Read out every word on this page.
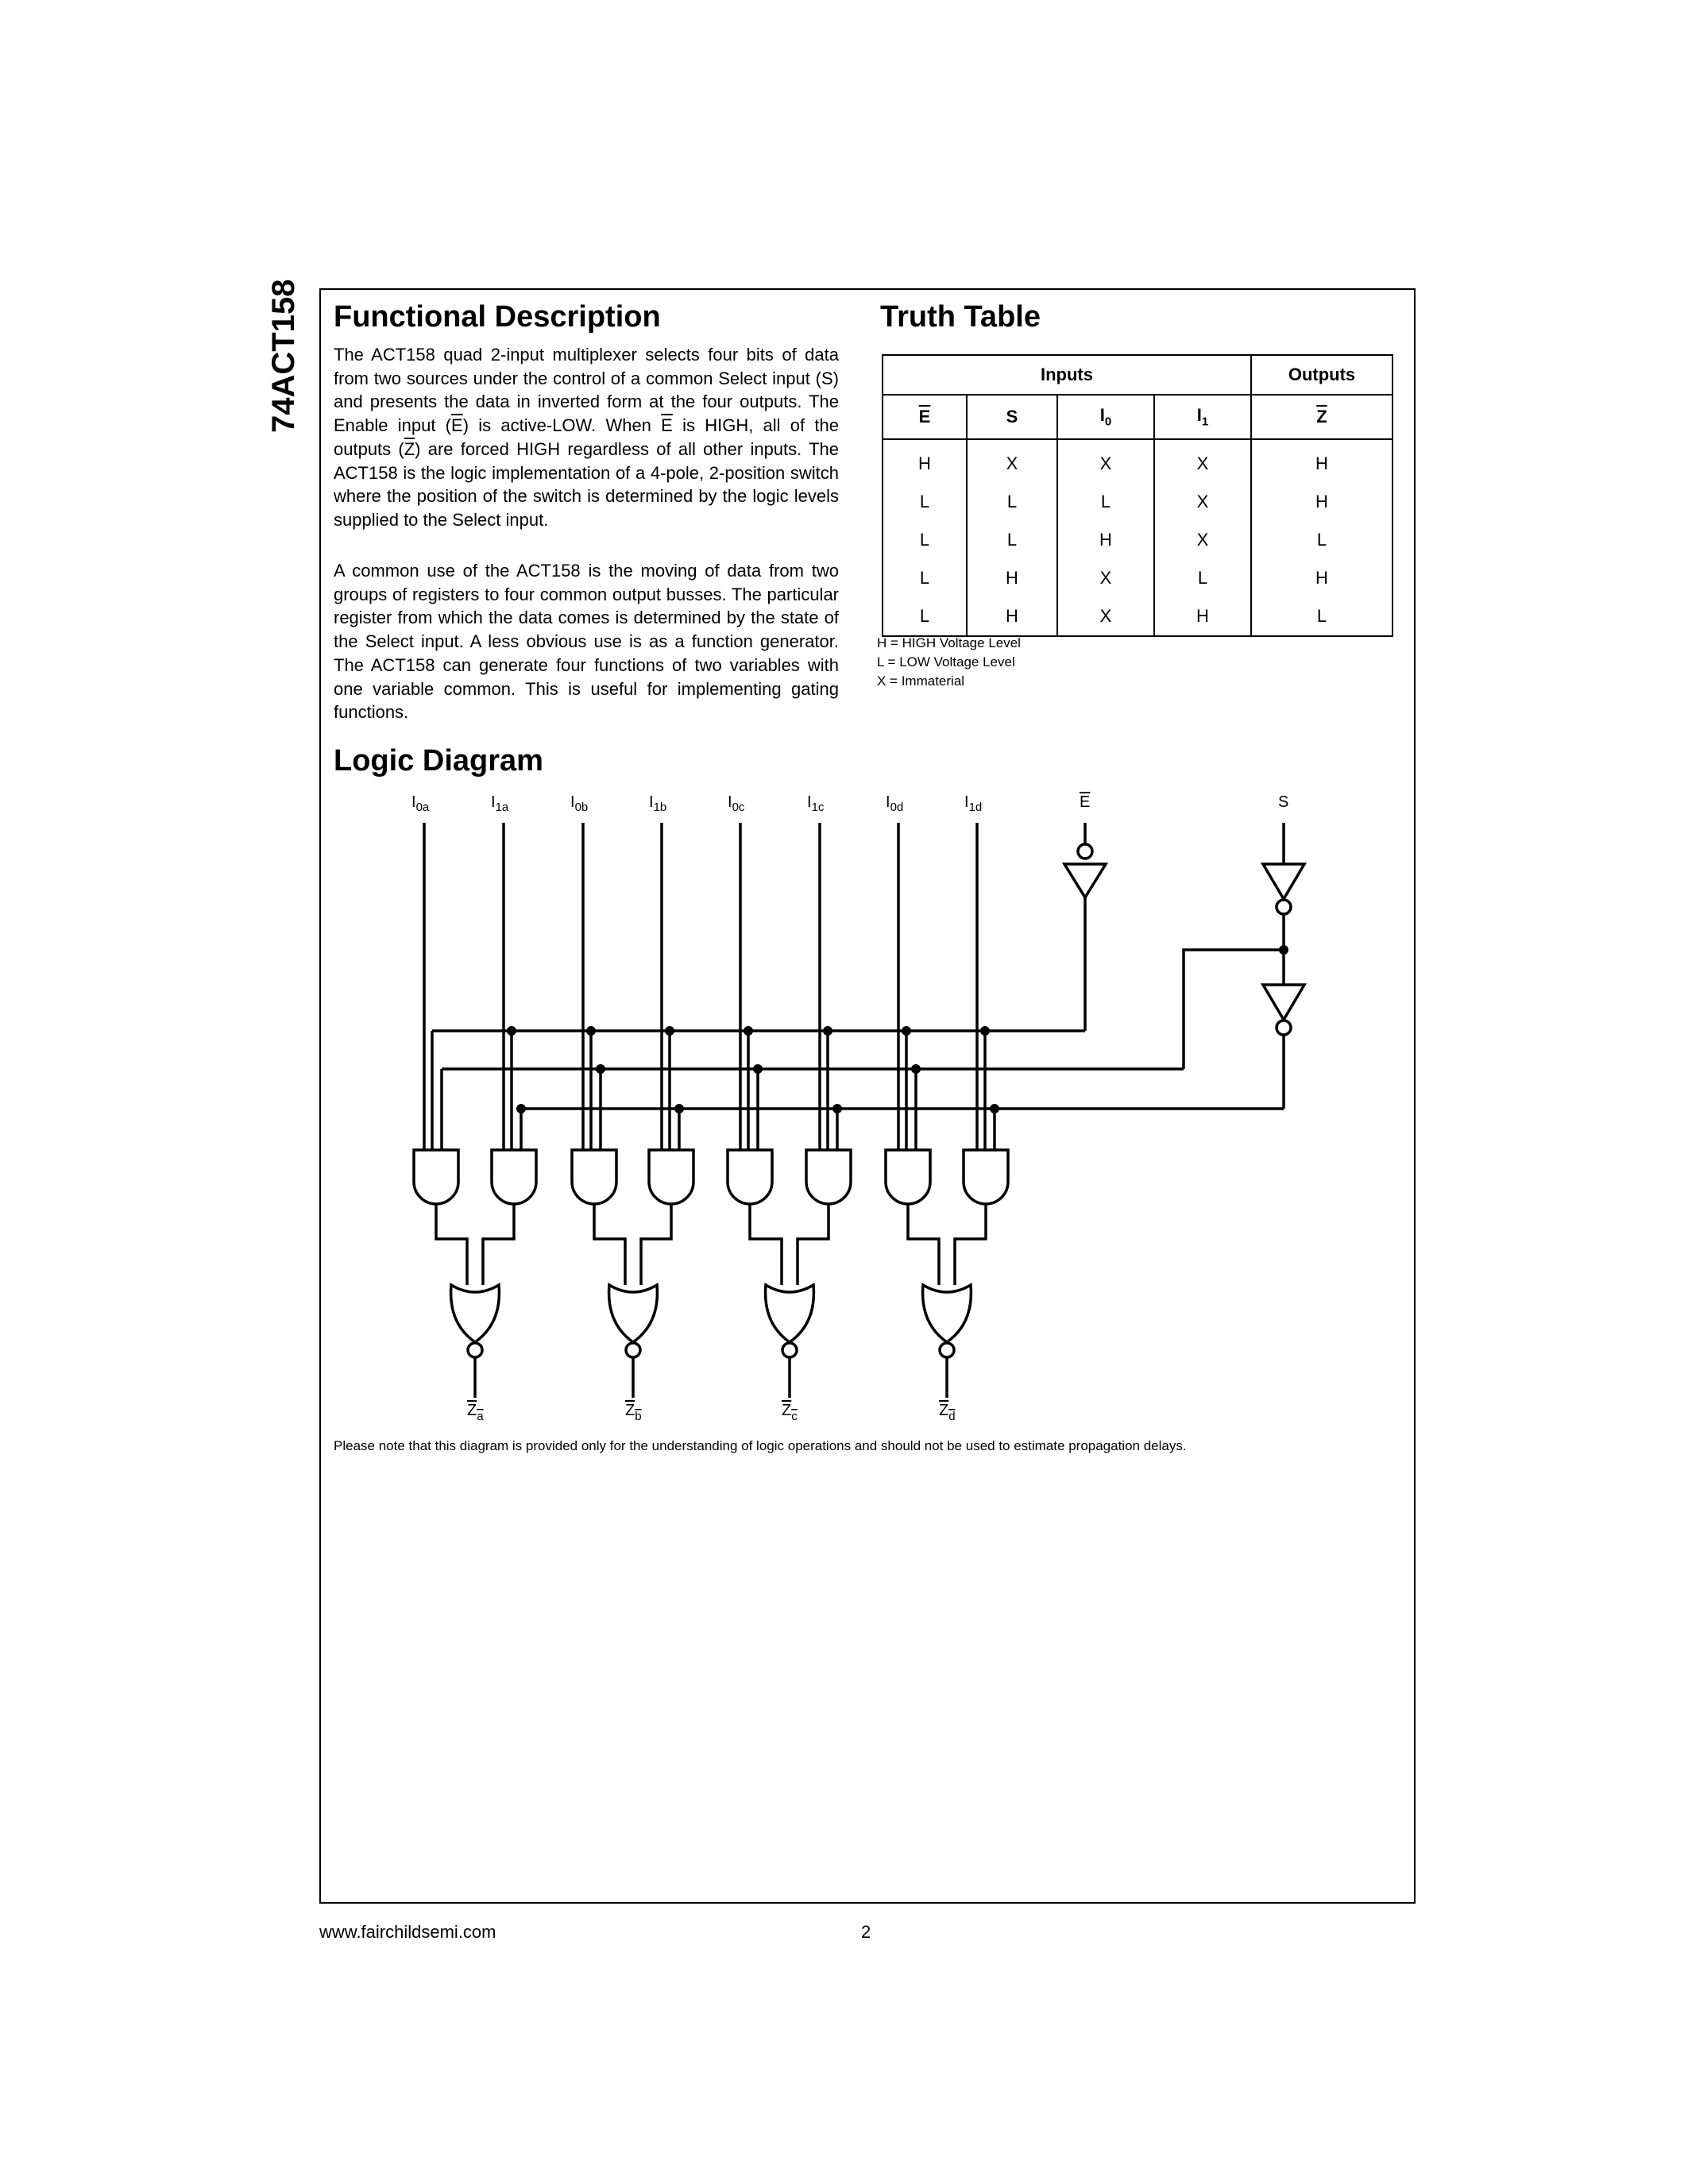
74ACT158 Functional Description

The ACT158 quad 2-input multiplexer selects four bits of data from two sources under the control of a common Select input (S) and presents the data in inverted form at the four outputs. The Enable input $(\overline{E})$ is active-LOW. When $\overline{E}$ is HIGH, all of the outputs $(\overline{Z})$ are forced HIGH regardless of all other inputs. The ACT158 is the logic implementation of a 4-pole, 2-position switch where the position of the switch is determined by the logic levels supplied to the Select input.

A common use of the ACT158 is the moving of data from two groups of registers to four common output busses. The particular register from which the data comes is determined by the state of the Select input. A less obvious use is as a function generator. The ACT158 can generate four functions of two variables with one variable common. This is useful for implementing gating functions.

Truth Table
Inputs				Outputs
$\overline{E}$	S	$I_0$	$I_1$	$\overline{Z}$
H	X	X	X	H
L	L	L	X	H
L	L	H	X	L
L	H	X	L	H
L	H	X	H	L
H = HIGH Voltage Level
L = LOW Voltage Level
X = Immaterial
Logic Diagram
$I_{0a}$	$I_{1a}$	$I_{0b}$	$I_{1b}$	$I_{0c}$	$I_{1c}$	$I_{0d}$	$I_{1d}$	E	S
$Z_a$	$Z_b$	$Z_c$	$Z_d$
Please note that this diagram is provided only for the understanding of logic operations and should not be used to estimate propagation delays.
www.fairchildsemi.com	2
